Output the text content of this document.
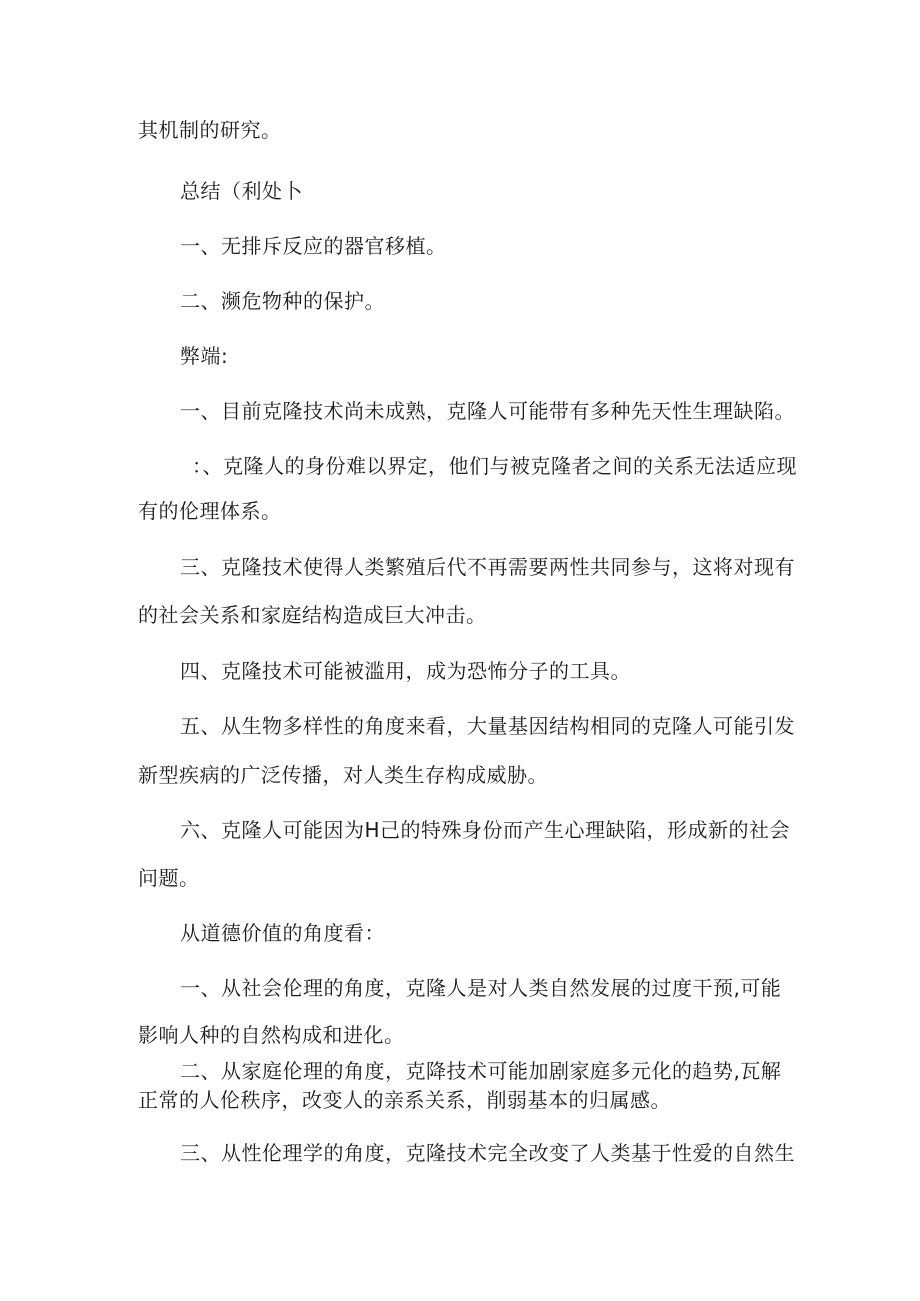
其机制的研究。

总结（利处卜

一、无排斥反应的器官移植。

二、濒危物种的保护。

弊端:

一、目前克隆技术尚未成熟，克隆人可能带有多种先天性生理缺陷。

：、克隆人的身份难以界定，他们与被克隆者之间的关系无法适应现

有的伦理体系。

三、克隆技术使得人类繁殖后代不再需要两性共同参与，这将对现有

的社会关系和家庭结构造成巨大冲击。

四、克隆技术可能被滥用，成为恐怖分子的工具。

五、从生物多样性的角度来看，大量基因结构相同的克隆人可能引发

新型疾病的广泛传播，对人类生存构成威胁。

六、克隆人可能因为H己的特殊身份而产生心理缺陷，形成新的社会

问题。

从道德价值的角度看：

一、从社会伦理的角度，克隆人是对人类自然发展的过度干预,可能

影响人种的自然构成和进化。

二、从家庭伦理的角度，克降技术可能加剧家庭多元化的趋势,瓦解

正常的人伦秩序，改变人的亲系关系，削弱基本的归属感。

三、从性伦理学的角度，克隆技术完全改变了人类基于性爱的自然生
